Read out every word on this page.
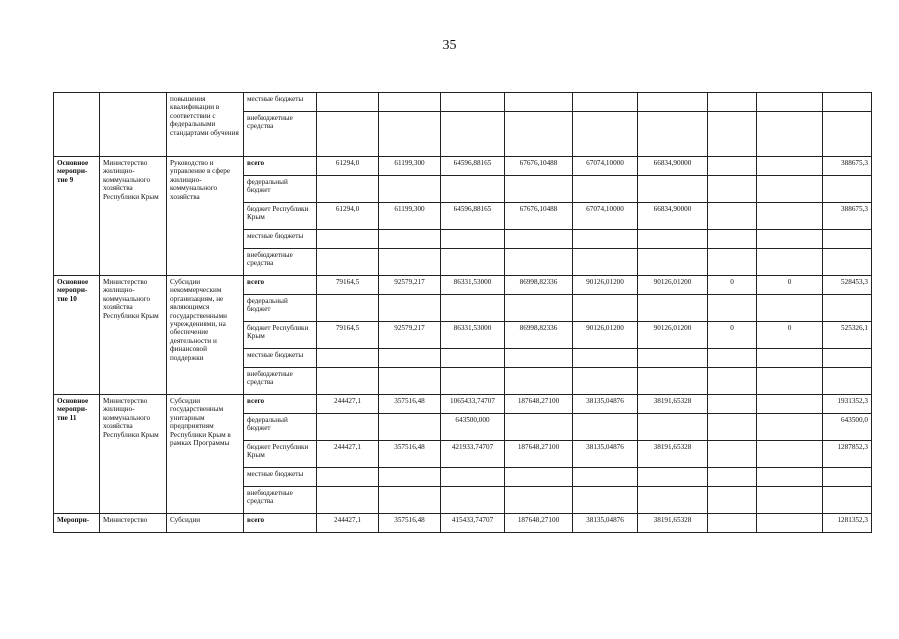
35
		повышения квалификации в соответствии с федеральными стандартами обучения	местные бюджеты									
			внебюджетные средства									
Основное меропри-тие 9	Министерство жилищно-коммунального хозяйства Республики Крым	Руководство и управление в сфере жилищно-коммунального хозяйства	всего	61294,0	61199,300	64596,88165	67676,10488	67074,10000	66834,90000			388675,3
			федеральный бюджет									
			бюджет Республики Крым	61294,0	61199,300	64596,88165	67676,10488	67074,10000	66834,90000			388675,3
			местные бюджеты									
			внебюджетные средства									
Основное меропри-тие 10	Министерство жилищно-коммунального хозяйства Республики Крым	Субсидии некоммерческим организациям, не являющимся государственными учреждениями, на обеспечение деятельности и финансовой поддержки	всего	79164,5	92579,217	86331,53000	86998,82336	90126,01200	90126,01200	0	0	528453,3
			федеральный бюджет									
			бюджет Республики Крым	79164,5	92579,217	86331,53000	86998,82336	90126,01200	90126,01200	0	0	525326,1
			местные бюджеты									
			внебюджетные средства									
Основное меропри-тие 11	Министерство жилищно-коммунального хозяйства Республики Крым	Субсидии государственным унитарным предприятиям Республики Крым в рамках Программы	всего	244427,1	357516,48	1065433,74707	187648,27100	38135,04876	38191,65328			1931352,3
			федеральный бюджет			643500,000						643500,0
			бюджет Республики Крым	244427,1	357516,48	421933,74707	187648,27100	38135,04876	38191,65328			1287852,3
			местные бюджеты									
			внебюджетные средства									
Меропри-	Министерство	Субсидии	всего	244427,1	357516,48	415433,74707	187648,27100	38135,04876	38191,65328			1281352,3
